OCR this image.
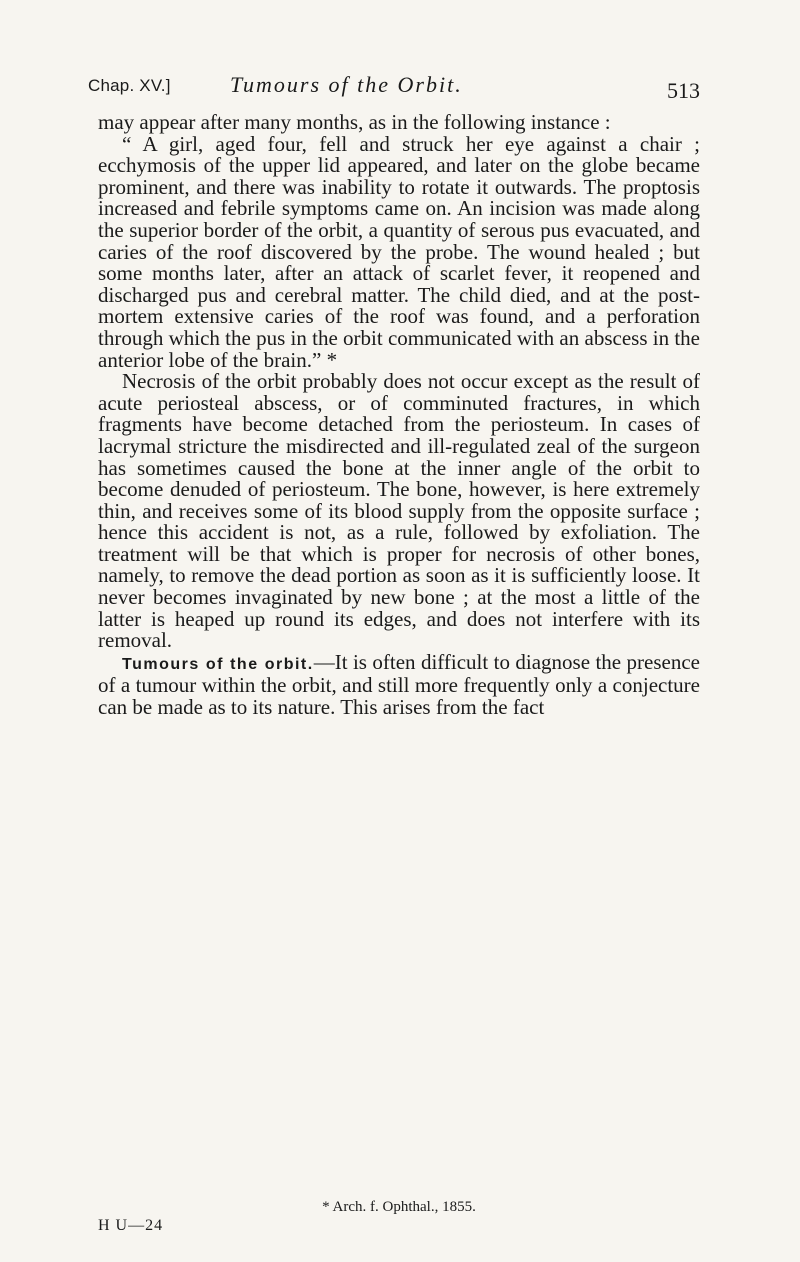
Chap. XV.]	Tumours of the Orbit.	513

may appear after many months, as in the following instance :

“ A girl, aged four, fell and struck her eye against a chair ; ecchymosis of the upper lid appeared, and later on the globe became prominent, and there was inability to rotate it outwards. The proptosis increased and febrile symptoms came on. An incision was made along the superior border of the orbit, a quantity of serous pus evacuated, and caries of the roof discovered by the probe. The wound healed ; but some months later, after an attack of scarlet fever, it reopened and discharged pus and cerebral matter. The child died, and at the post-mortem extensive caries of the roof was found, and a perforation through which the pus in the orbit communicated with an abscess in the anterior lobe of the brain.” *

Necrosis of the orbit probably does not occur except as the result of acute periosteal abscess, or of comminuted fractures, in which fragments have become detached from the periosteum. In cases of lacrymal stricture the misdirected and ill-regulated zeal of the surgeon has sometimes caused the bone at the inner angle of the orbit to become denuded of periosteum. The bone, however, is here extremely thin, and receives some of its blood supply from the opposite surface ; hence this accident is not, as a rule, followed by exfoliation. The treatment will be that which is proper for necrosis of other bones, namely, to remove the dead portion as soon as it is sufficiently loose. It never becomes invaginated by new bone ; at the most a little of the latter is heaped up round its edges, and does not interfere with its removal.

Tumours of the orbit.—It is often difficult to diagnose the presence of a tumour within the orbit, and still more frequently only a conjecture can be made as to its nature. This arises from the fact

* Arch. f. Ophthal., 1855.
H U—24
